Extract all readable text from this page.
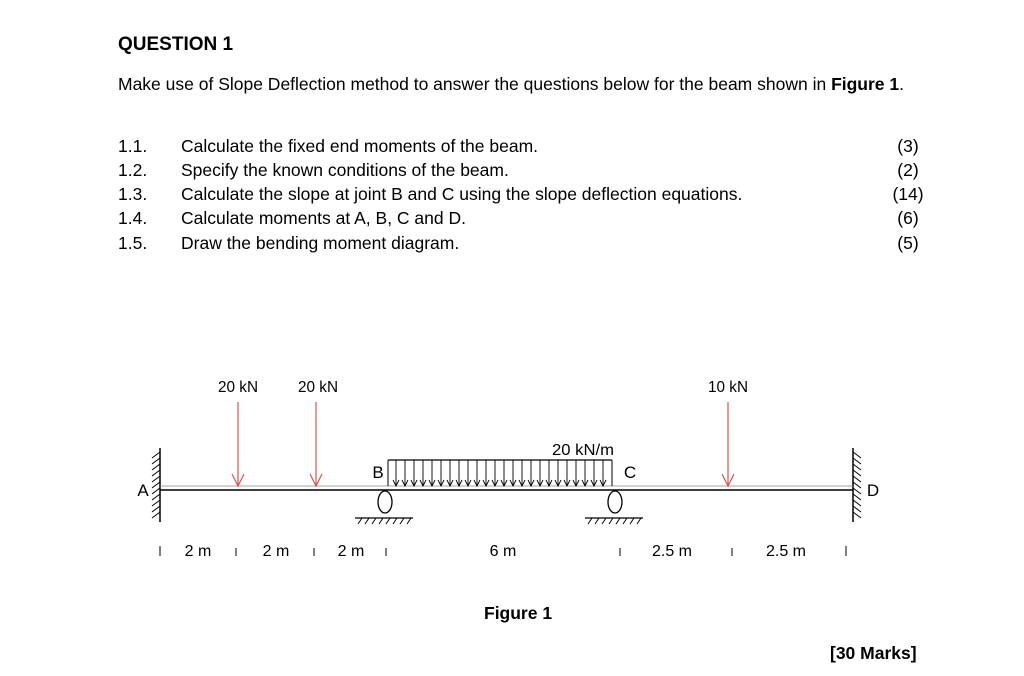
QUESTION 1
Make use of Slope Deflection method to answer the questions below for the beam shown in Figure 1.
1.1. Calculate the fixed end moments of the beam.	(3)
1.2. Specify the known conditions of the beam.	(2)
1.3. Calculate the slope at joint B and C using the slope deflection equations.	(14)
1.4. Calculate moments at A, B, C and D.	(6)
1.5. Draw the bending moment diagram.	(5)
20 kN	20 kN	10 kN
20 kN/m
A
B	C
D
2 m	2 m	2 m	6 m	2.5 m	2.5 m
Figure 1
[30 Marks]
